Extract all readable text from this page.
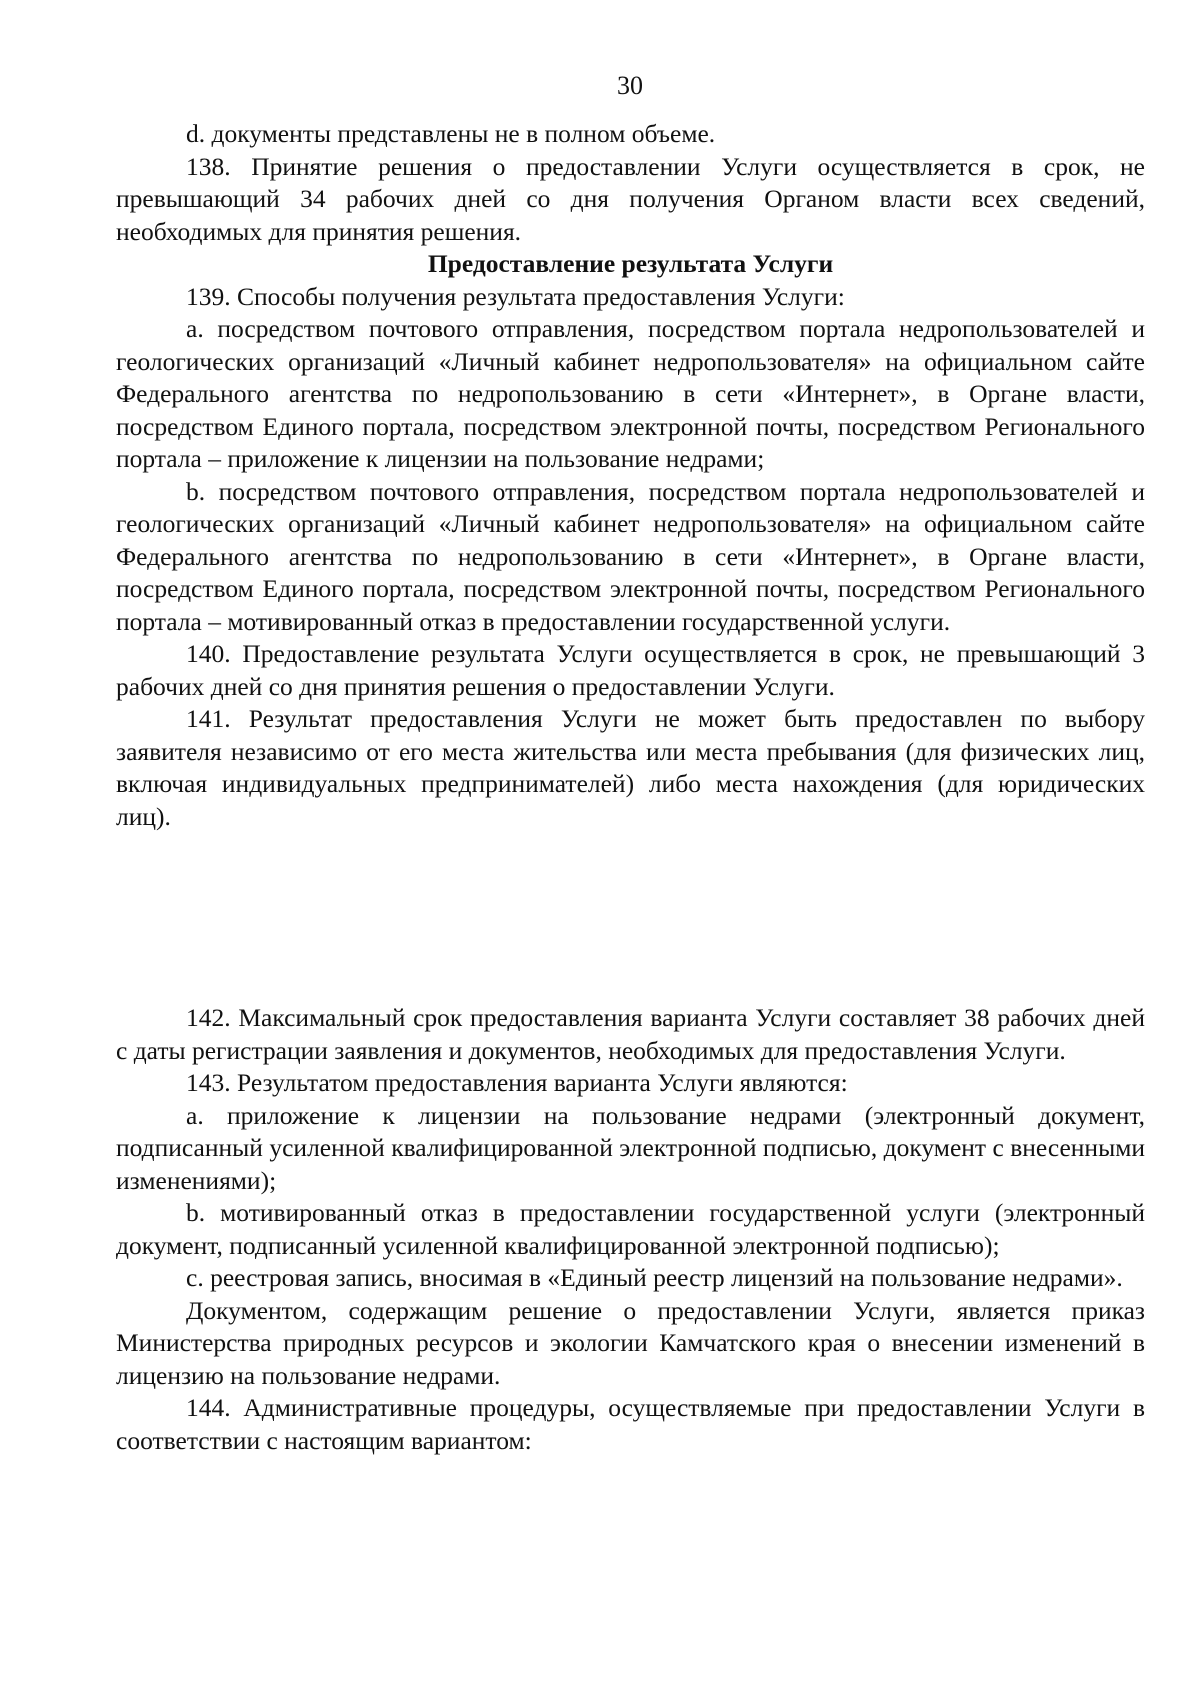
30

d. документы представлены не в полном объеме.

138. Принятие решения о предоставлении Услуги осуществляется в срок, не превышающий 34 рабочих дней со дня получения Органом власти всех сведений, необходимых для принятия решения.

Предоставление результата Услуги

139. Способы получения результата предоставления Услуги:

a. посредством почтового отправления, посредством портала недропользователей и геологических организаций «Личный кабинет недропользователя» на официальном сайте Федерального агентства по недропользованию в сети «Интернет», в Органе власти, посредством Единого портала, посредством электронной почты, посредством Регионального портала – приложение к лицензии на пользование недрами;

b. посредством почтового отправления, посредством портала недропользователей и геологических организаций «Личный кабинет недропользователя» на официальном сайте Федерального агентства по недропользованию в сети «Интернет», в Органе власти, посредством Единого портала, посредством электронной почты, посредством Регионального портала – мотивированный отказ в предоставлении государственной услуги.

140. Предоставление результата Услуги осуществляется в срок, не превышающий 3 рабочих дней со дня принятия решения о предоставлении Услуги.

141. Результат предоставления Услуги не может быть предоставлен по выбору заявителя независимо от его места жительства или места пребывания (для физических лиц, включая индивидуальных предпринимателей) либо места нахождения (для юридических лиц).

142. Максимальный срок предоставления варианта Услуги составляет 38 рабочих дней с даты регистрации заявления и документов, необходимых для предоставления Услуги.

143. Результатом предоставления варианта Услуги являются:

a. приложение к лицензии на пользование недрами (электронный документ, подписанный усиленной квалифицированной электронной подписью, документ с внесенными изменениями);

b. мотивированный отказ в предоставлении государственной услуги (электронный документ, подписанный усиленной квалифицированной электронной подписью);

c. реестровая запись, вносимая в «Единый реестр лицензий на пользование недрами».

Документом, содержащим решение о предоставлении Услуги, является приказ Министерства природных ресурсов и экологии Камчатского края о внесении изменений в лицензию на пользование недрами.

144. Административные процедуры, осуществляемые при предоставлении Услуги в соответствии с настоящим вариантом:
